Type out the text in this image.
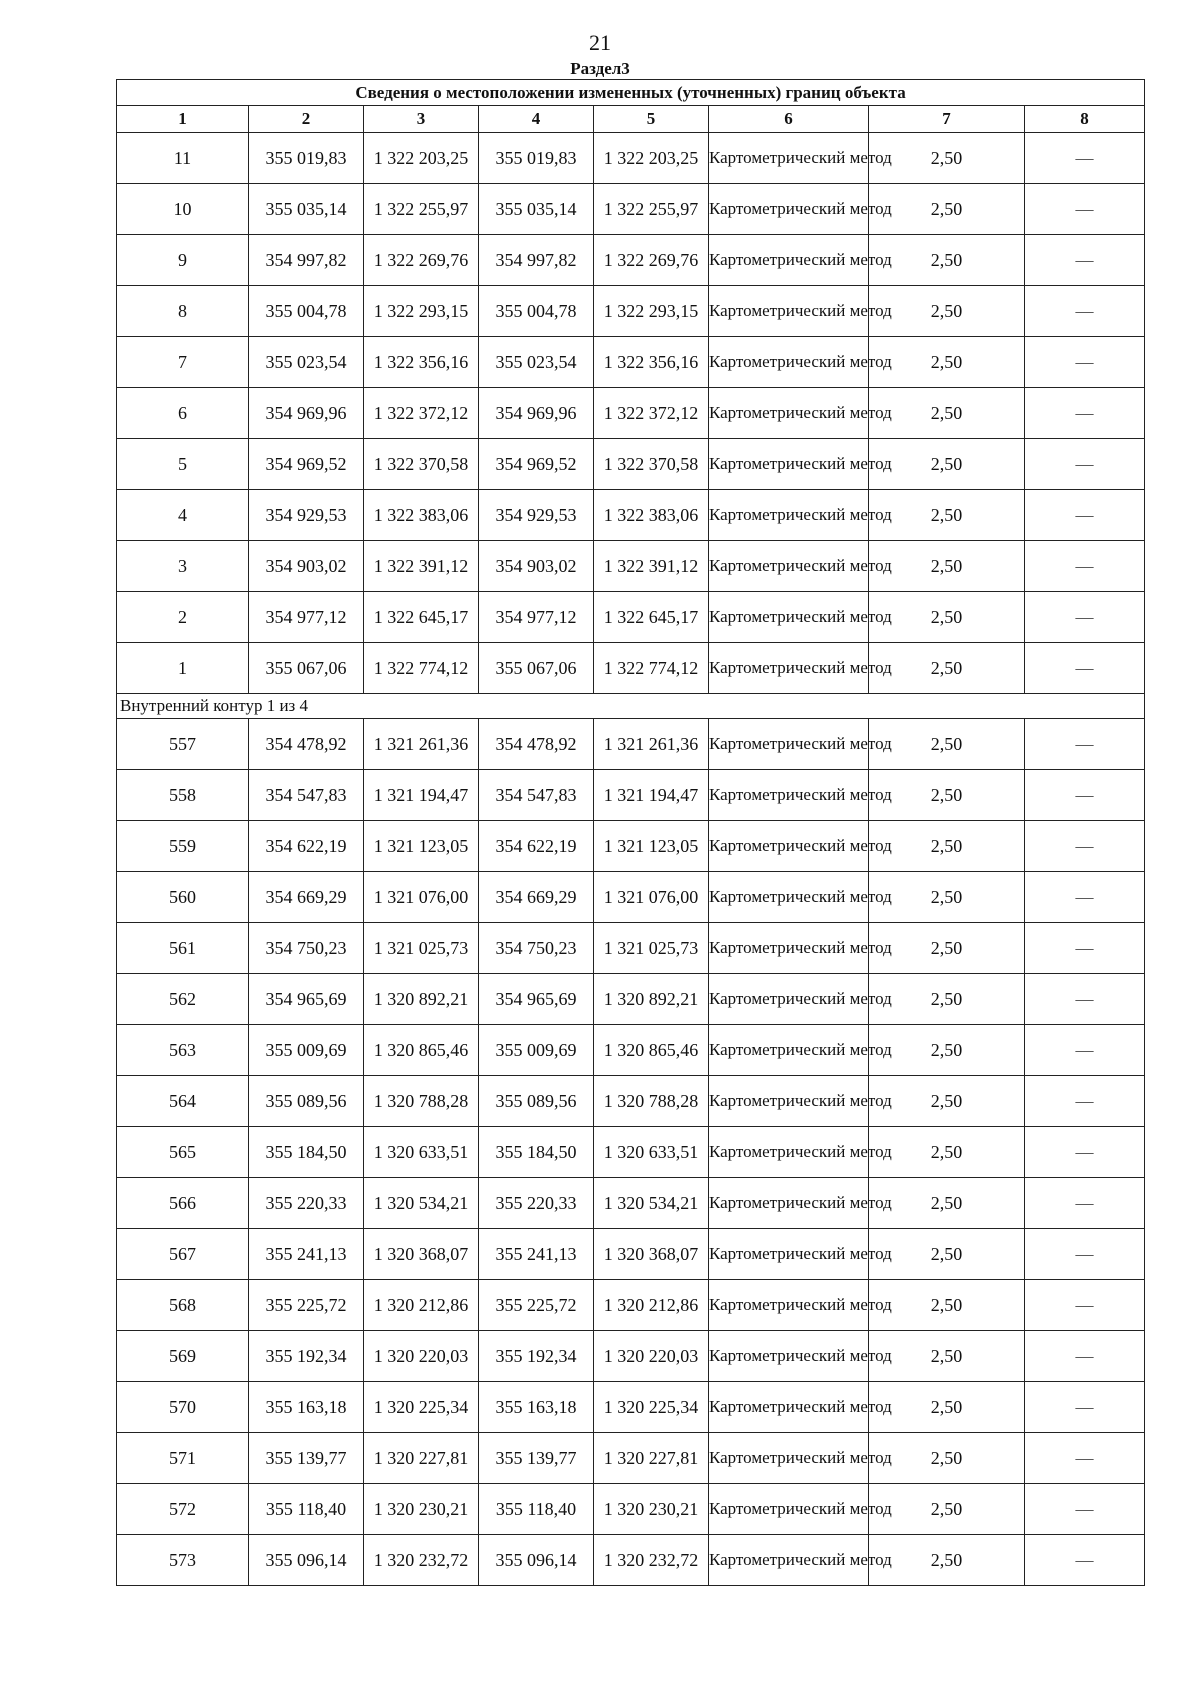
21
Раздел3
Сведения о местоположении измененных (уточненных) границ объекта							
1	2	3	4	5	6	7	8
11	355 019,83	1 322 203,25	355 019,83	1 322 203,25	Картометрический метод	2,50	—
10	355 035,14	1 322 255,97	355 035,14	1 322 255,97	Картометрический метод	2,50	—
9	354 997,82	1 322 269,76	354 997,82	1 322 269,76	Картометрический метод	2,50	—
8	355 004,78	1 322 293,15	355 004,78	1 322 293,15	Картометрический метод	2,50	—
7	355 023,54	1 322 356,16	355 023,54	1 322 356,16	Картометрический метод	2,50	—
6	354 969,96	1 322 372,12	354 969,96	1 322 372,12	Картометрический метод	2,50	—
5	354 969,52	1 322 370,58	354 969,52	1 322 370,58	Картометрический метод	2,50	—
4	354 929,53	1 322 383,06	354 929,53	1 322 383,06	Картометрический метод	2,50	—
3	354 903,02	1 322 391,12	354 903,02	1 322 391,12	Картометрический метод	2,50	—
2	354 977,12	1 322 645,17	354 977,12	1 322 645,17	Картометрический метод	2,50	—
1	355 067,06	1 322 774,12	355 067,06	1 322 774,12	Картометрический метод	2,50	—
Внутренний контур 1 из 4							
557	354 478,92	1 321 261,36	354 478,92	1 321 261,36	Картометрический метод	2,50	—
558	354 547,83	1 321 194,47	354 547,83	1 321 194,47	Картометрический метод	2,50	—
559	354 622,19	1 321 123,05	354 622,19	1 321 123,05	Картометрический метод	2,50	—
560	354 669,29	1 321 076,00	354 669,29	1 321 076,00	Картометрический метод	2,50	—
561	354 750,23	1 321 025,73	354 750,23	1 321 025,73	Картометрический метод	2,50	—
562	354 965,69	1 320 892,21	354 965,69	1 320 892,21	Картометрический метод	2,50	—
563	355 009,69	1 320 865,46	355 009,69	1 320 865,46	Картометрический метод	2,50	—
564	355 089,56	1 320 788,28	355 089,56	1 320 788,28	Картометрический метод	2,50	—
565	355 184,50	1 320 633,51	355 184,50	1 320 633,51	Картометрический метод	2,50	—
566	355 220,33	1 320 534,21	355 220,33	1 320 534,21	Картометрический метод	2,50	—
567	355 241,13	1 320 368,07	355 241,13	1 320 368,07	Картометрический метод	2,50	—
568	355 225,72	1 320 212,86	355 225,72	1 320 212,86	Картометрический метод	2,50	—
569	355 192,34	1 320 220,03	355 192,34	1 320 220,03	Картометрический метод	2,50	—
570	355 163,18	1 320 225,34	355 163,18	1 320 225,34	Картометрический метод	2,50	—
571	355 139,77	1 320 227,81	355 139,77	1 320 227,81	Картометрический метод	2,50	—
572	355 118,40	1 320 230,21	355 118,40	1 320 230,21	Картометрический метод	2,50	—
573	355 096,14	1 320 232,72	355 096,14	1 320 232,72	Картометрический метод	2,50	—
